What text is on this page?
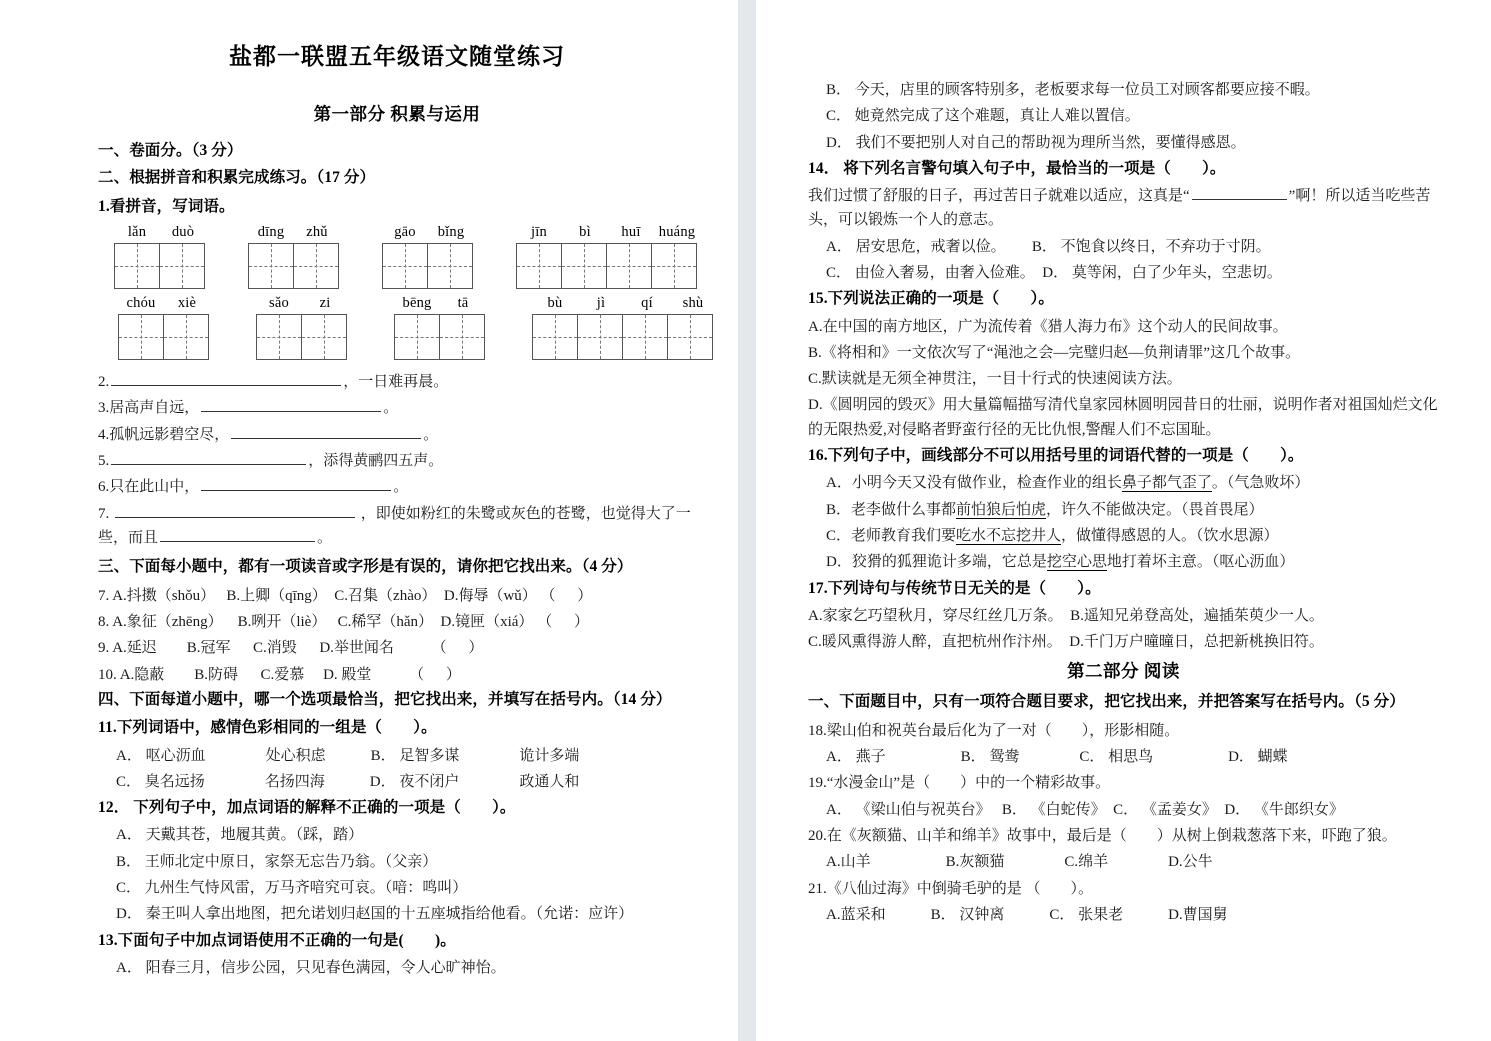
盐都一联盟五年级语文随堂练习
第一部分 积累与运用
一、卷面分。（3 分）
二、根据拼音和积累完成练习。（17 分）
1.看拼音，写词语。
lǎn	duò	dīng	zhǔ	gāo	bǐng	jīn	bì	huī	huáng
chóu	xiè	sǎo	zi	bēng	tā	bù	jì	qí	shù
2.	，一日难再晨。
3.居高声自远，	。
4.孤帆远影碧空尽，	。
5.	，添得黄鹂四五声。
6.只在此山中，	。
7.	，即使如粉红的朱鹭或灰色的苍鹭，也觉得大了一些，而且	。
三、下面每小题中，都有一项读音或字形是有误的，请你把它找出来。（4 分）
7. A.抖擞（shǒu） B.上卿（qīng） C.召集（zhào） D.侮辱（wǔ） （     ）
8. A.象征（zhēng） B.咧开（liè） C.稀罕（hǎn） D.镜匣（xiá） （     ）
9. A.延迟 B.冠军 C.消毁 D.举世闻名         （     ）
10. A.隐蔽 B.防碍 C.爱慕 D. 殿堂         （     ）
四、下面每道小题中，哪一个选项最恰当，把它找出来，并填写在括号内。（14 分）
11.下列词语中，感情色彩相同的一组是（　　）。
A． 呕心沥血　　　　处心积虑　　　B． 足智多谋　　　　诡计多端
C． 臭名远扬　　　　名扬四海　　　D． 夜不闭户　　　　政通人和
12． 下列句子中，加点词语的解释不正确的一项是（　　）。
A． 天戴其苍，地履其黄。（踩，踏）
B． 王师北定中原日，家祭无忘告乃翁。（父亲）
C． 九州生气恃风雷，万马齐喑究可哀。（喑：鸣叫）
D． 秦王叫人拿出地图，把允诺划归赵国的十五座城指给他看。（允诺：应许）
13.下面句子中加点词语使用不正确的一句是(　　)。
A． 阳春三月，信步公园，只见春色满园，令人心旷神怡。
B． 今天，店里的顾客特别多，老板要求每一位员工对顾客都要应接不暇。
C． 她竟然完成了这个难题，真让人难以置信。
D． 我们不要把别人对自己的帮助视为理所当然，要懂得感恩。
14． 将下列名言警句填入句子中，最恰当的一项是（　　）。
我们过惯了舒服的日子，再过苦日子就难以适应，这真是“	”啊！所以适当吃些苦头，可以锻炼一个人的意志。
A． 居安思危，戒奢以俭。 B． 不饱食以终日，不弃功于寸阴。
C． 由俭入奢易，由奢入俭难。 D． 莫等闲，白了少年头，空悲切。
15.下列说法正确的一项是（　　）。
A.在中国的南方地区，广为流传着《猎人海力布》这个动人的民间故事。
B.《将相和》一文依次写了“渑池之会—完璧归赵—负荆请罪”这几个故事。
C.默读就是无须全神贯注，一目十行式的快速阅读方法。
D.《圆明园的毁灭》用大量篇幅描写清代皇家园林圆明园昔日的壮丽，说明作者对祖国灿烂文化的无限热爱,对侵略者野蛮行径的无比仇恨,警醒人们不忘国耻。
16.下列句子中，画线部分不可以用括号里的词语代替的一项是（　　）。
A．小明今天又没有做作业，检查作业的组长鼻子都气歪了。（气急败坏）
B．老李做什么事都前怕狼后怕虎，许久不能做决定。（畏首畏尾）
C．老师教育我们要吃水不忘挖井人，做懂得感恩的人。（饮水思源）
D．狡猾的狐狸诡计多端，它总是挖空心思地打着坏主意。（呕心沥血）
17.下列诗句与传统节日无关的是（　　）。
A.家家乞巧望秋月，穿尽红丝几万条。　B.遥知兄弟登高处，遍插茱萸少一人。
C.暖风熏得游人醉，直把杭州作汴州。　D.千门万户曈曈日，总把新桃换旧符。
第二部分 阅读
一、下面题目中，只有一项符合题目要求，把它找出来，并把答案写在括号内。（5 分）
18.梁山伯和祝英台最后化为了一对（　　），形影相随。
A． 燕子　　　　　B． 鸳鸯　　　　C． 相思鸟　　　　　D． 蝴蝶
19.“水漫金山”是（　　）中的一个精彩故事。
A． 《梁山伯与祝英台》　 B． 《白蛇传》　C． 《孟姜女》　D． 《牛郎织女》
20.在《灰额猫、山羊和绵羊》故事中，最后是（　　）从树上倒栽葱落下来，吓跑了狼。
A.山羊　　　　　B.灰额猫　　　　C.绵羊　　　　D.公牛
21.《八仙过海》中倒骑毛驴的是 （　　）。
A.蓝采和　　　B． 汉钟离　　　C． 张果老　　　D.曹国舅
